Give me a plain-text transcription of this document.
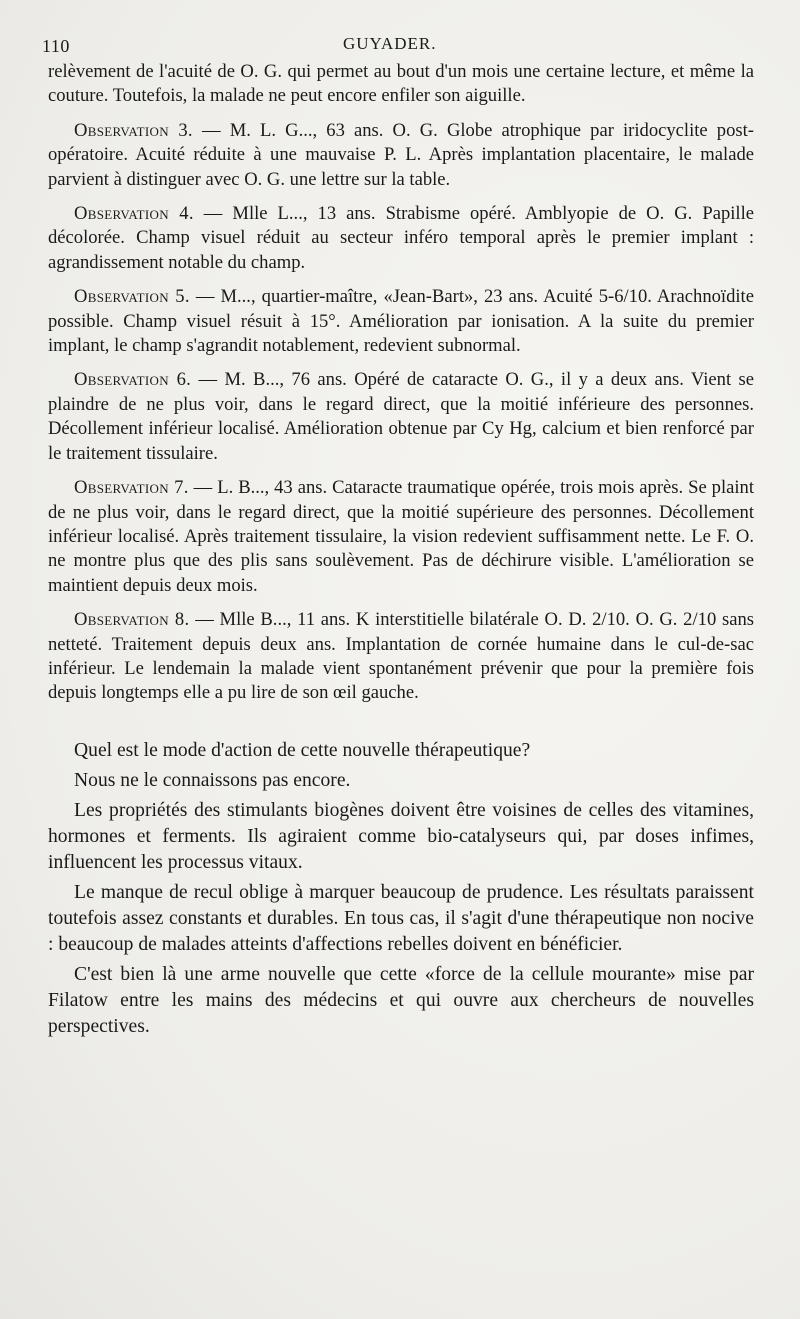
110	GUYADER.

relèvement de l'acuité de O. G. qui permet au bout d'un mois une certaine lecture, et même la couture. Toutefois, la malade ne peut encore enfiler son aiguille.

Observation 3. — M. L. G..., 63 ans. O. G. Globe atrophique par iridocyclite post-opératoire. Acuité réduite à une mauvaise P. L. Après implantation placentaire, le malade parvient à distinguer avec O. G. une lettre sur la table.

Observation 4. — Mlle L..., 13 ans. Strabisme opéré. Amblyopie de O. G. Papille décolorée. Champ visuel réduit au secteur inféro temporal après le premier implant : agrandissement notable du champ.

Observation 5. — M..., quartier-maître, «Jean-Bart», 23 ans. Acuité 5-6/10. Arachnoïdite possible. Champ visuel résuit à 15°. Amélioration par ionisation. A la suite du premier implant, le champ s'agrandit notablement, redevient subnormal.

Observation 6. — M. B..., 76 ans. Opéré de cataracte O. G., il y a deux ans. Vient se plaindre de ne plus voir, dans le regard direct, que la moitié inférieure des personnes. Décollement inférieur localisé. Amélioration obtenue par Cy Hg, calcium et bien renforcé par le traitement tissulaire.

Observation 7. — L. B..., 43 ans. Cataracte traumatique opérée, trois mois après. Se plaint de ne plus voir, dans le regard direct, que la moitié supérieure des personnes. Décollement inférieur localisé. Après traitement tissulaire, la vision redevient suffisamment nette. Le F. O. ne montre plus que des plis sans soulèvement. Pas de déchirure visible. L'amélioration se maintient depuis deux mois.

Observation 8. — Mlle B..., 11 ans. K interstitielle bilatérale O. D. 2/10. O. G. 2/10 sans netteté. Traitement depuis deux ans. Implantation de cornée humaine dans le cul-de-sac inférieur. Le lendemain la malade vient spontanément prévenir que pour la première fois depuis longtemps elle a pu lire de son œil gauche.

Quel est le mode d'action de cette nouvelle thérapeutique?

Nous ne le connaissons pas encore.

Les propriétés des stimulants biogènes doivent être voisines de celles des vitamines, hormones et ferments. Ils agiraient comme bio-catalyseurs qui, par doses infimes, influencent les processus vitaux.

Le manque de recul oblige à marquer beaucoup de prudence. Les résultats paraissent toutefois assez constants et durables. En tous cas, il s'agit d'une thérapeutique non nocive : beaucoup de malades atteints d'affections rebelles doivent en bénéficier.

C'est bien là une arme nouvelle que cette «force de la cellule mourante» mise par Filatow entre les mains des médecins et qui ouvre aux chercheurs de nouvelles perspectives.
